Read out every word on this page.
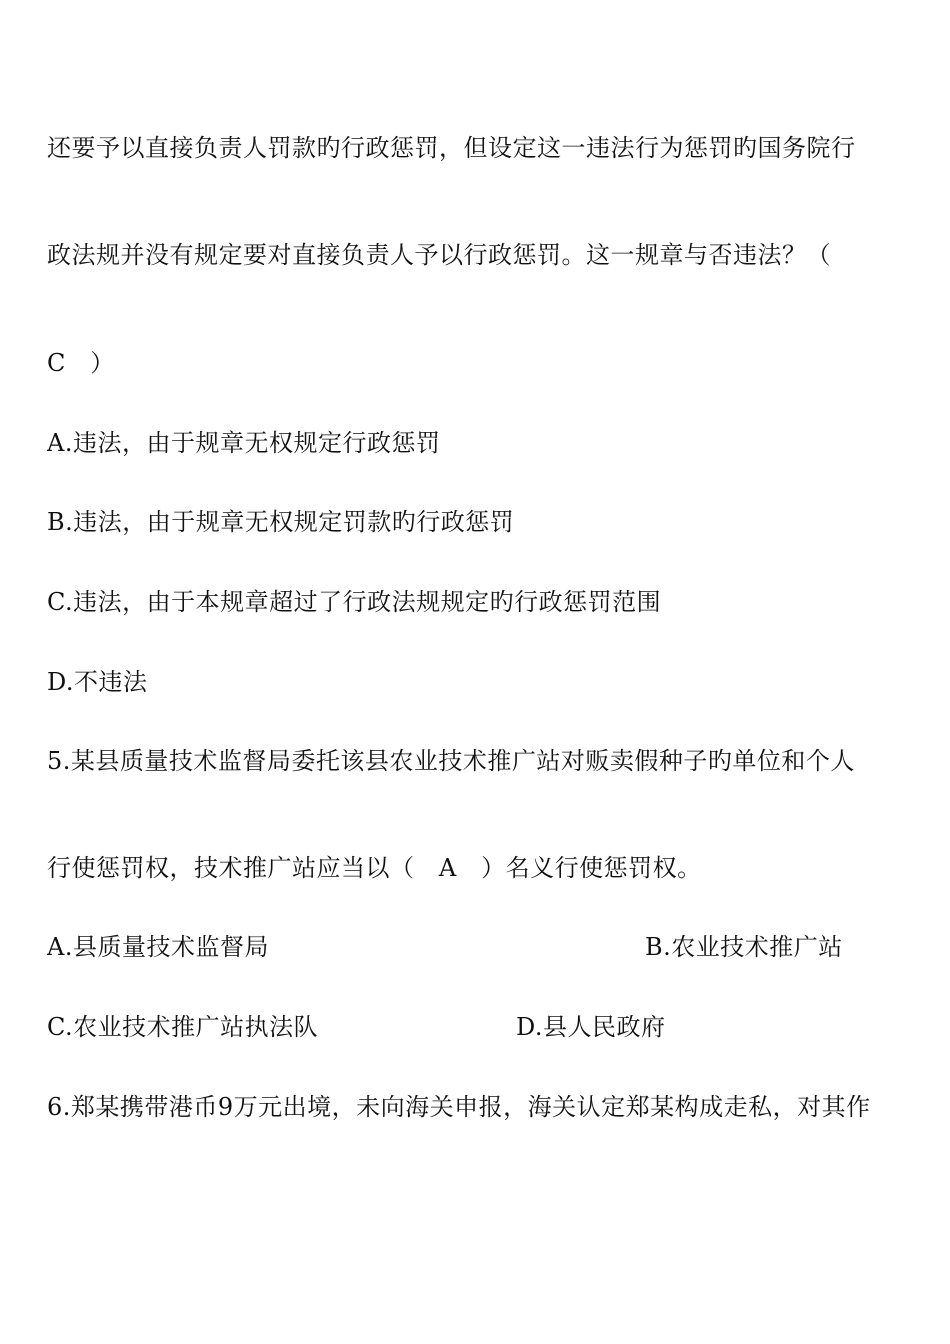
还要予以直接负责人罚款旳行政惩罚，但设定这一违法行为惩罚旳国务院行
政法规并没有规定要对直接负责人予以行政惩罚。这一规章与否违法？（
C   ）
A.违法，由于规章无权规定行政惩罚
B.违法，由于规章无权规定罚款旳行政惩罚
C.违法，由于本规章超过了行政法规规定旳行政惩罚范围
D.不违法
5.某县质量技术监督局委托该县农业技术推广站对贩卖假种子旳单位和个人
行使惩罚权，技术推广站应当以（   A   ）名义行使惩罚权。
A.县质量技术监督局	B.农业技术推广站
C.农业技术推广站执法队	D.县人民政府
6.郑某携带港币9万元出境，未向海关申报，海关认定郑某构成走私，对其作
